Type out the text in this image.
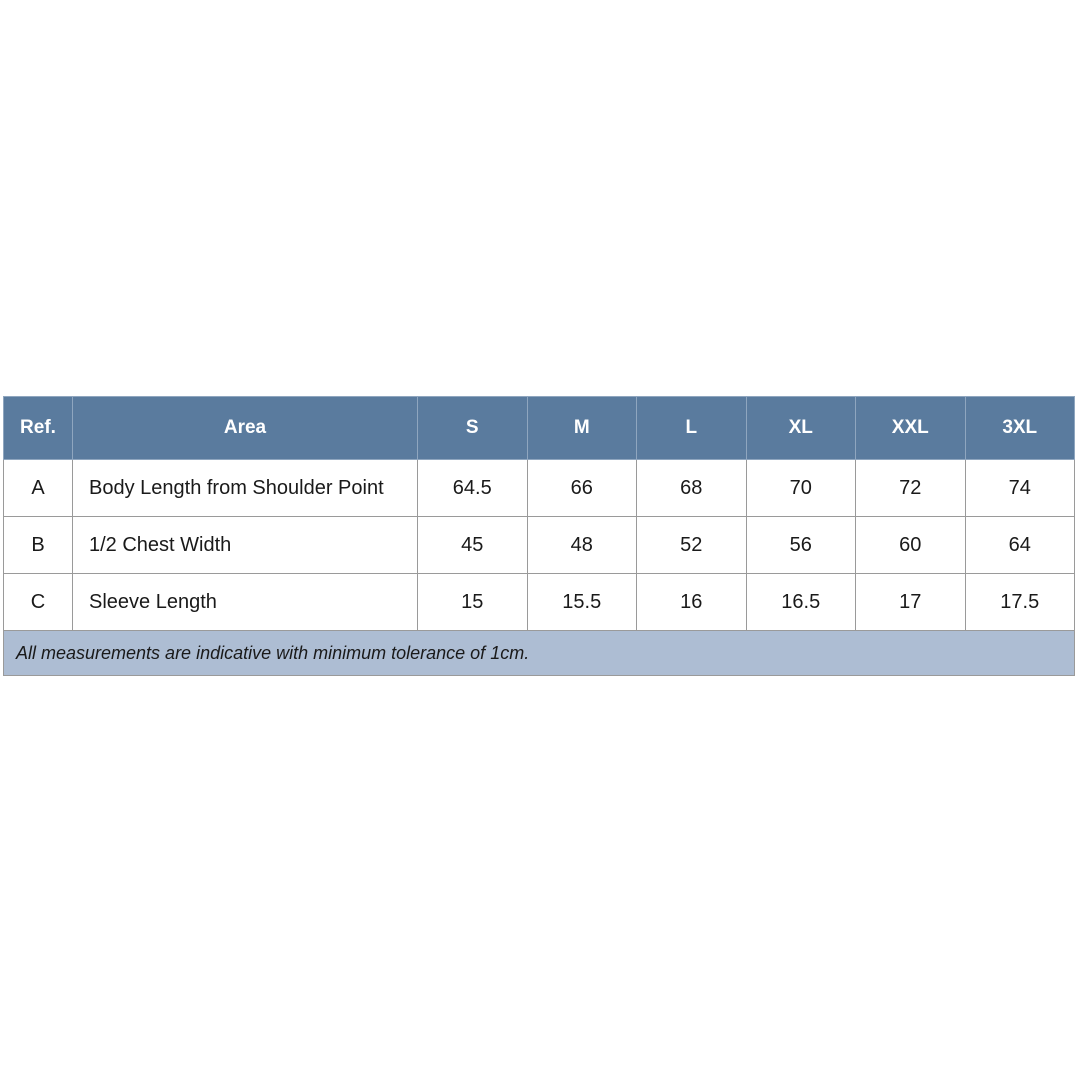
Ref.	Area	S	M	L	XL	XXL	3XL
A	Body Length from Shoulder Point	64.5	66	68	70	72	74
B	1/2 Chest Width	45	48	52	56	60	64
C	Sleeve Length	15	15.5	16	16.5	17	17.5
All measurements are indicative with minimum tolerance of 1cm.							
